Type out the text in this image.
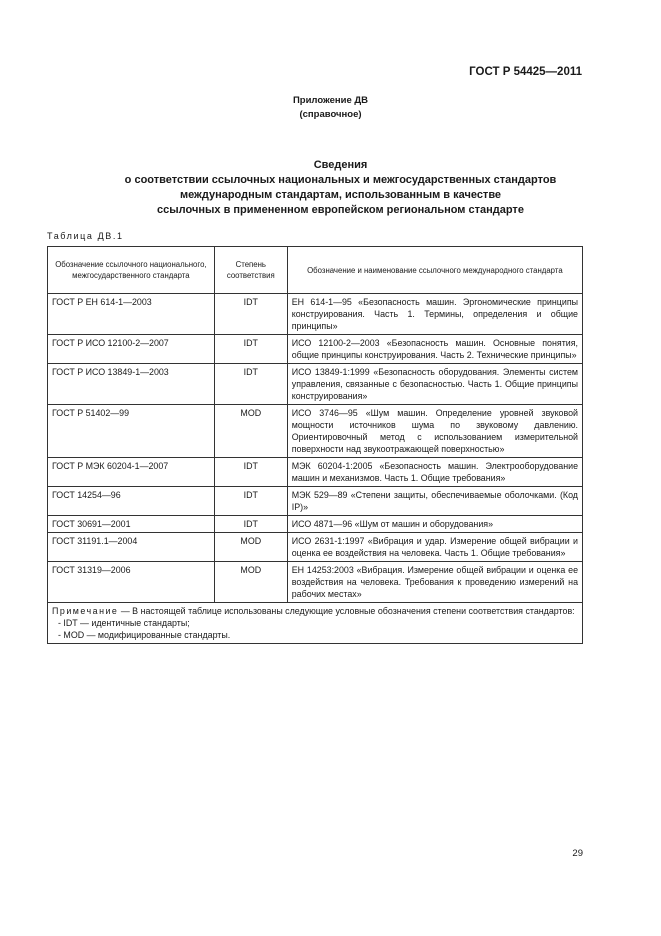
ГОСТ Р 54425—2011
Приложение ДВ
(справочное)
Сведения
о соответствии ссылочных национальных и межгосударственных стандартов
международным стандартам, использованным в качестве
ссылочных в примененном европейском региональном стандарте
Таблица ДВ.1
Обозначение ссылочного национального, межгосударственного стандарта	Степень соответствия	Обозначение и наименование ссылочного международного стандарта
ГОСТ Р ЕН 614-1—2003	IDT	ЕН 614-1—95 «Безопасность машин. Эргономические принципы конструирования. Часть 1. Термины, определения и общие принципы»
ГОСТ Р ИСО 12100-2—2007	IDT	ИСО 12100-2—2003 «Безопасность машин. Основные понятия, общие принципы конструирования. Часть 2. Технические принципы»
ГОСТ Р ИСО 13849-1—2003	IDT	ИСО 13849-1:1999 «Безопасность оборудования. Элементы систем управления, связанные с безопасностью. Часть 1. Общие принципы конструирования»
ГОСТ Р 51402—99	MOD	ИСО 3746—95 «Шум машин. Определение уровней звуковой мощности источников шума по звуковому давлению. Ориентировочный метод с использованием измерительной поверхности над звукоотражающей поверхностью»
ГОСТ Р МЭК 60204-1—2007	IDT	МЭК 60204-1:2005 «Безопасность машин. Электрооборудование машин и механизмов. Часть 1. Общие требования»
ГОСТ 14254—96	IDT	МЭК 529—89 «Степени защиты, обеспечиваемые оболочками. (Код IP)»
ГОСТ 30691—2001	IDT	ИСО 4871—96 «Шум от машин и оборудования»
ГОСТ 31191.1—2004	MOD	ИСО 2631-1:1997 «Вибрация и удар. Измерение общей вибрации и оценка ее воздействия на человека. Часть 1. Общие требования»
ГОСТ 31319—2006	MOD	ЕН 14253:2003 «Вибрация. Измерение общей вибрации и оценка ее воздействия на человека. Требования к проведению измерений на рабочих местах»

Примечание — В настоящей таблице использованы следующие условные обозначения степени соответствия стандартов:
- IDT — идентичные стандарты;
- MOD — модифицированные стандарты.		
29
